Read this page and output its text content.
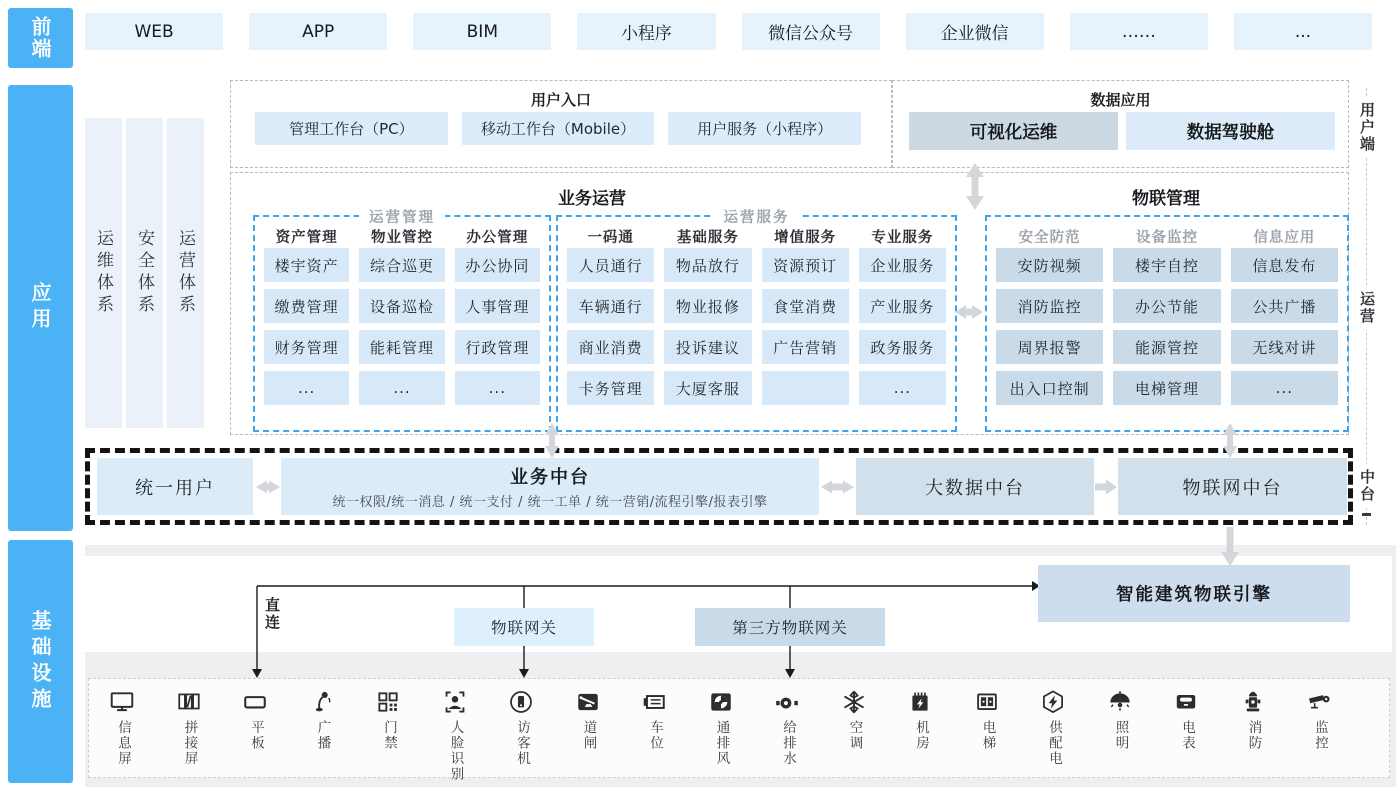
前端
应用
基础设施
WEB	APP	BIM	小程序	微信公众号	企业微信	……	...
运维体系	安全体系	运营体系
智能建筑物联引擎
物联网关	第三方物联网关
直连
信息屏	拼接屏	平板	广播	门禁	人脸识别	访客机	道闸	车位	通排风	给排水	空调	机房	电梯	供配电	照明	电表	消防	监控
用户入口
管理工作台（PC）	移动工作台（Mobile）	用户服务（小程序）
数据应用
可视化运维	数据驾驶舱
业务运营	物联管理
运营管理
资产管理
楼宇资产
缴费管理
财务管理
...
物业管控
综合巡更
设备巡检
能耗管理
...
办公管理
办公协同
人事管理
行政管理
...
运营服务
一码通
人员通行
车辆通行
商业消费
卡务管理
基础服务
物品放行
物业报修
投诉建议
大厦客服
增值服务
资源预订
食堂消费
广告营销
专业服务
企业服务
产业服务
政务服务
...
安全防范
安防视频
消防监控
周界报警
出入口控制
设备监控
楼宇自控
办公节能
能源管控
电梯管理
信息应用
信息发布
公共广播
无线对讲
...
用户端
运营
中台
统一用户	业务中台
统一权限/统一消息 / 统一支付 / 统一工单 / 统一营销/流程引擎/报表引擎
大数据中台	物联网中台
